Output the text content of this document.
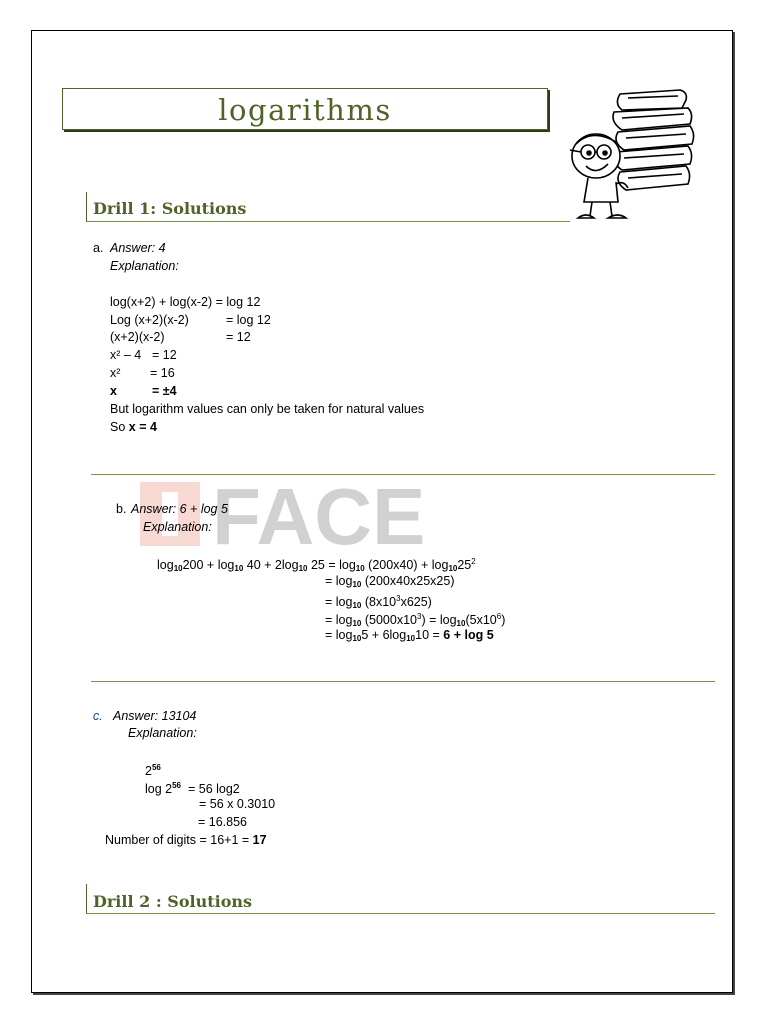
logarithms
FACE
Drill 1: Solutions
a. Answer: 4
Explanation:
log(x+2) + log(x-2) = log 12
Log (x+2)(x-2)	= log 12
(x+2)(x-2)	= 12
x² – 4 = 12
x² = 16
x	= ±4
But logarithm values can only be taken for natural values
So x = 4
b. Answer: 6 + log 5
Explanation:
$\log_{10}200 + \log_{10} 40 + 2\log_{10}$ $25 = \log_{10} (200x40) + \log_{10}25^2$
= $\log_{10} (200x40x25x25)$
= $\log_{10} (8x10^3x625)$
= $\log_{10} (5000x10^3) = \log_{10}(5x10^6)$
= $\log_{10}5 + 6\log_{10}10 = 6 + \log 5$
c. Answer: 13104
Explanation:
$2^{56}$
$\log 2^{56} = 56$ log2
= 56 x 0.3010
= 16.856
Number of digits = 16+1 = 17
Drill 2 : Solutions
